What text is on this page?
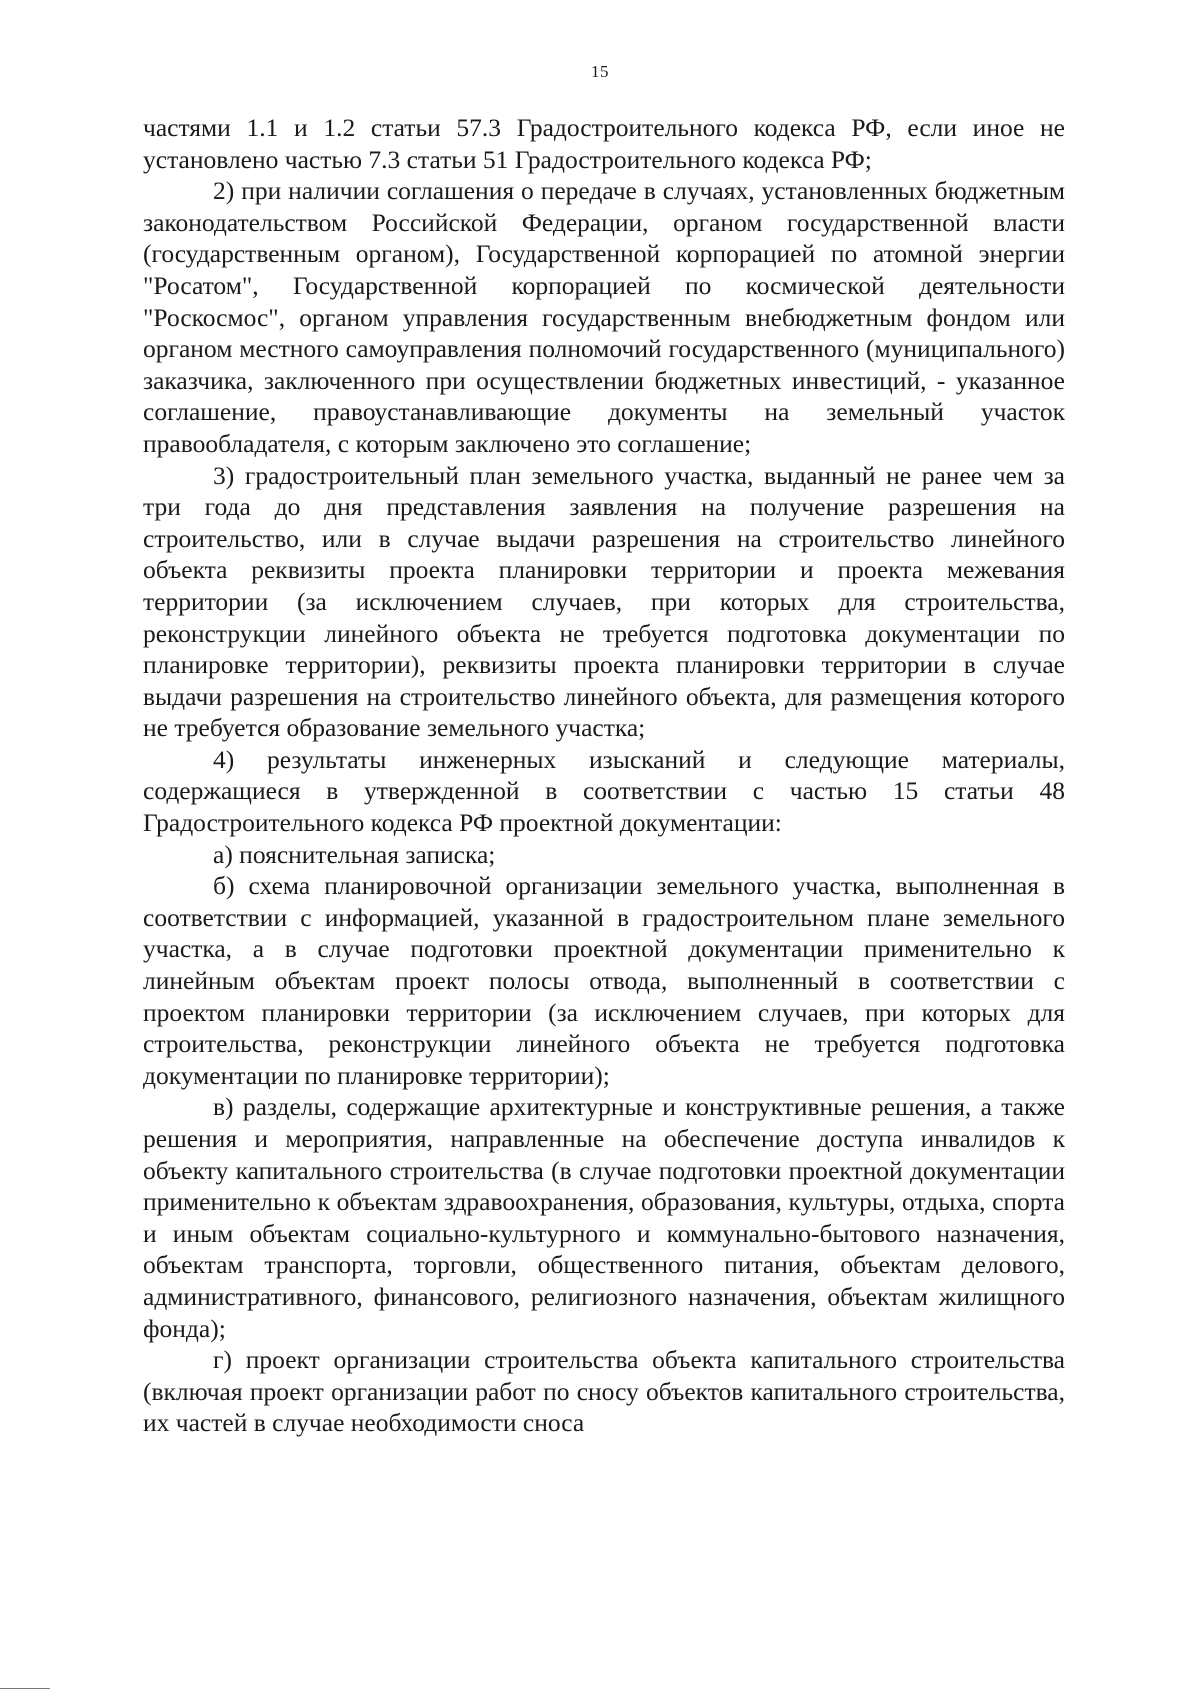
15

частями 1.1 и 1.2 статьи 57.3 Градостроительного кодекса РФ, если иное не установлено частью 7.3 статьи 51 Градостроительного кодекса РФ;

2) при наличии соглашения о передаче в случаях, установленных бюджетным законодательством Российской Федерации, органом государственной власти (государственным органом), Государственной корпорацией по атомной энергии "Росатом", Государственной корпорацией по космической деятельности "Роскосмос", органом управления государственным внебюджетным фондом или органом местного самоуправления полномочий государственного (муниципального) заказчика, заключенного при осуществлении бюджетных инвестиций, - указанное соглашение, правоустанавливающие документы на земельный участок правообладателя, с которым заключено это соглашение;

3) градостроительный план земельного участка, выданный не ранее чем за три года до дня представления заявления на получение разрешения на строительство, или в случае выдачи разрешения на строительство линейного объекта реквизиты проекта планировки территории и проекта межевания территории (за исключением случаев, при которых для строительства, реконструкции линейного объекта не требуется подготовка документации по планировке территории), реквизиты проекта планировки территории в случае выдачи разрешения на строительство линейного объекта, для размещения которого не требуется образование земельного участка;

4) результаты инженерных изысканий и следующие материалы, содержащиеся в утвержденной в соответствии с частью 15 статьи 48 Градостроительного кодекса РФ проектной документации:

а) пояснительная записка;

б) схема планировочной организации земельного участка, выполненная в соответствии с информацией, указанной в градостроительном плане земельного участка, а в случае подготовки проектной документации применительно к линейным объектам проект полосы отвода, выполненный в соответствии с проектом планировки территории (за исключением случаев, при которых для строительства, реконструкции линейного объекта не требуется подготовка документации по планировке территории);

в) разделы, содержащие архитектурные и конструктивные решения, а также решения и мероприятия, направленные на обеспечение доступа инвалидов к объекту капитального строительства (в случае подготовки проектной документации применительно к объектам здравоохранения, образования, культуры, отдыха, спорта и иным объектам социально-культурного и коммунально-бытового назначения, объектам транспорта, торговли, общественного питания, объектам делового, административного, финансового, религиозного назначения, объектам жилищного фонда);

г) проект организации строительства объекта капитального строительства (включая проект организации работ по сносу объектов капитального строительства, их частей в случае необходимости сноса
